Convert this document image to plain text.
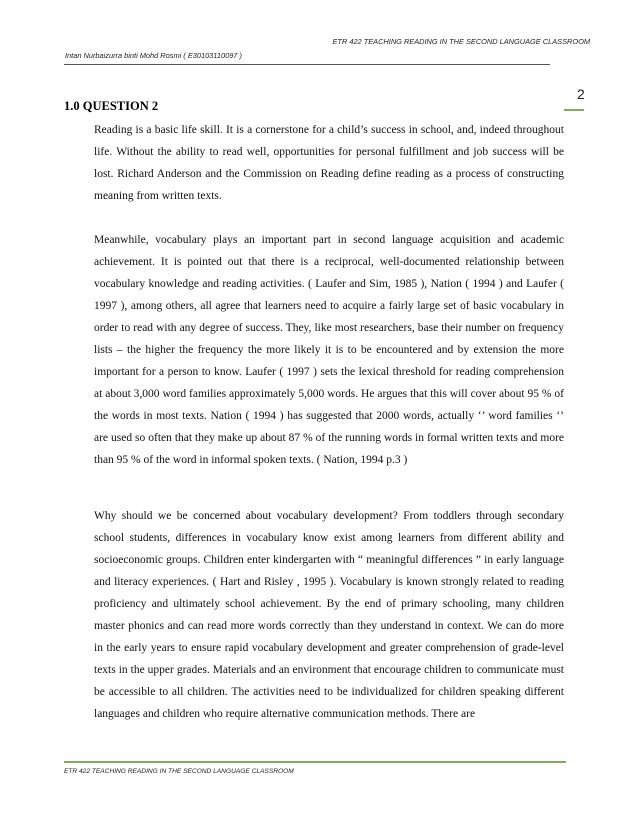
ETR 422 TEACHING READING IN THE SECOND LANGUAGE CLASSROOM
Intan Nurbaizurra binti Mohd Rosmi ( E30103110097 )
2
1.0 QUESTION 2

Reading is a basic life skill. It is a cornerstone for a child’s success in school, and, indeed throughout life. Without the ability to read well, opportunities for personal fulfillment and job success will be lost. Richard Anderson and the Commission on Reading define reading as a process of constructing meaning from written texts.

Meanwhile, vocabulary plays an important part in second language acquisition and academic achievement. It is pointed out that there is a reciprocal, well-documented relationship between vocabulary knowledge and reading activities. ( Laufer and Sim, 1985 ), Nation ( 1994 ) and Laufer ( 1997 ), among others, all agree that learners need to acquire a fairly large set of basic vocabulary in order to read with any degree of success. They, like most researchers, base their number on frequency lists – the higher the frequency the more likely it is to be encountered and by extension the more important for a person to know. Laufer ( 1997 ) sets the lexical threshold for reading comprehension at about 3,000 word families approximately 5,000 words. He argues that this will cover about 95 % of the words in most texts. Nation ( 1994 ) has suggested that 2000 words, actually ‘’ word families ‘’ are used so often that they make up about 87 % of the running words in formal written texts and more than 95 % of the word in informal spoken texts. ( Nation, 1994 p.3 )

Why should we be concerned about vocabulary development? From toddlers through secondary school students, differences in vocabulary know exist among learners from different ability and socioeconomic groups. Children enter kindergarten with “ meaningful differences ” in early language and literacy experiences. ( Hart and Risley , 1995 ). Vocabulary is known strongly related to reading proficiency and ultimately school achievement. By the end of primary schooling, many children master phonics and can read more words correctly than they understand in context. We can do more in the early years to ensure rapid vocabulary development and greater comprehension of grade-level texts in the upper grades. Materials and an environment that encourage children to communicate must be accessible to all children. The activities need to be individualized for children speaking different languages and children who require alternative communication methods. There are

ETR 422 TEACHING READING IN THE SECOND LANGUAGE CLASSROOM
